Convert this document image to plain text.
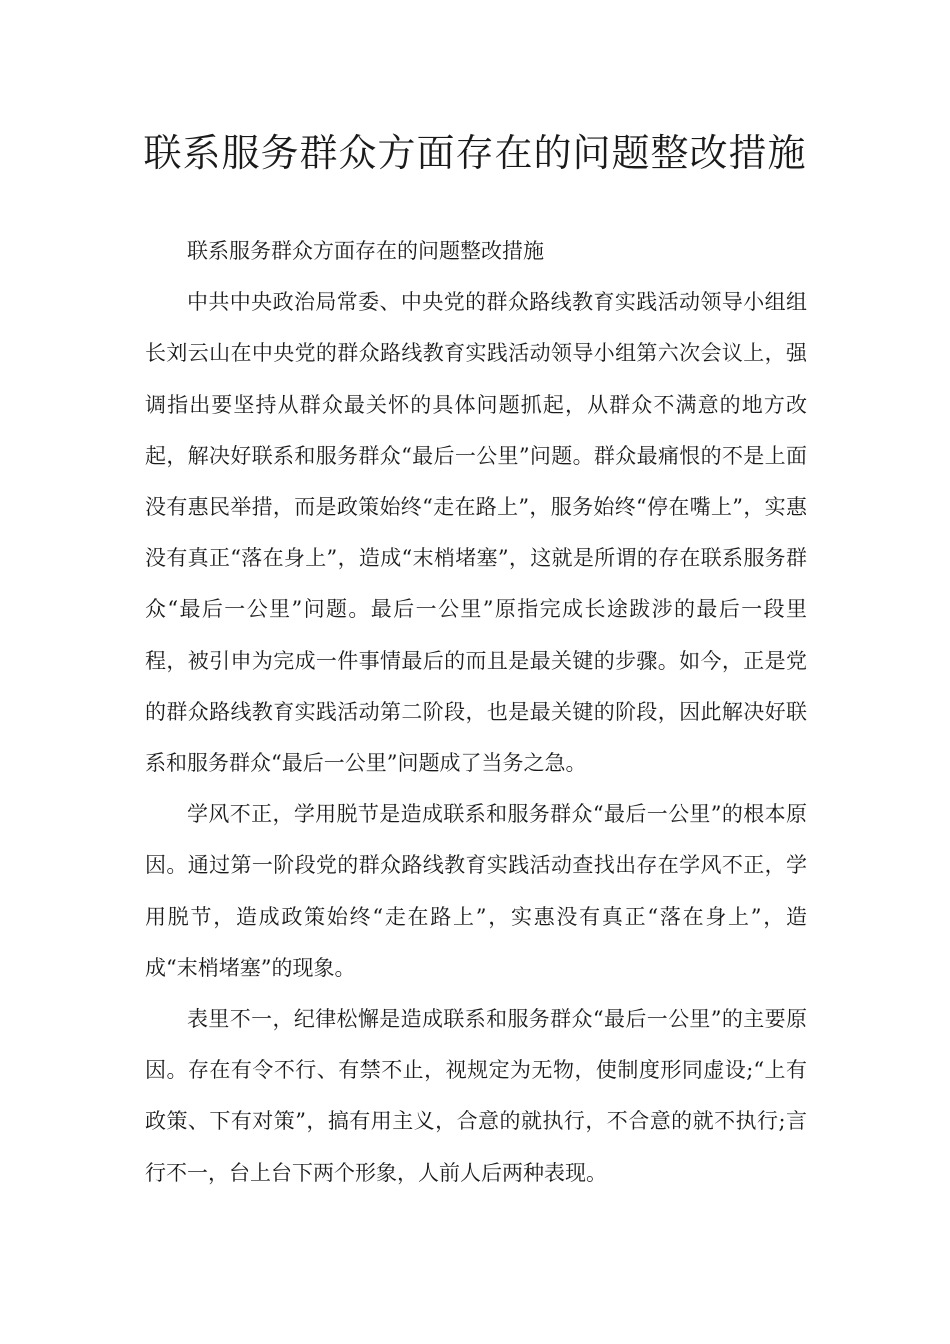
联系服务群众方面存在的问题整改措施

联系服务群众方面存在的问题整改措施

中共中央政治局常委、中央党的群众路线教育实践活动领导小组组长刘云山在中央党的群众路线教育实践活动领导小组第六次会议上，强调指出要坚持从群众最关怀的具体问题抓起，从群众不满意的地方改起，解决好联系和服务群众“最后一公里”问题。群众最痛恨的不是上面没有惠民举措，而是政策始终“走在路上”，服务始终“停在嘴上”，实惠没有真正“落在身上”，造成“末梢堵塞”，这就是所谓的存在联系服务群众“最后一公里”问题。最后一公里”原指完成长途跋涉的最后一段里程，被引申为完成一件事情最后的而且是最关键的步骤。如今，正是党的群众路线教育实践活动第二阶段，也是最关键的阶段，因此解决好联系和服务群众“最后一公里”问题成了当务之急。

学风不正，学用脱节是造成联系和服务群众“最后一公里”的根本原因。通过第一阶段党的群众路线教育实践活动查找出存在学风不正，学用脱节，造成政策始终“走在路上”，实惠没有真正“落在身上”，造成“末梢堵塞”的现象。

表里不一，纪律松懈是造成联系和服务群众“最后一公里”的主要原因。存在有令不行、有禁不止，视规定为无物，使制度形同虚设;“上有政策、下有对策”，搞有用主义，合意的就执行，不合意的就不执行;言行不一，台上台下两个形象，人前人后两种表现。
